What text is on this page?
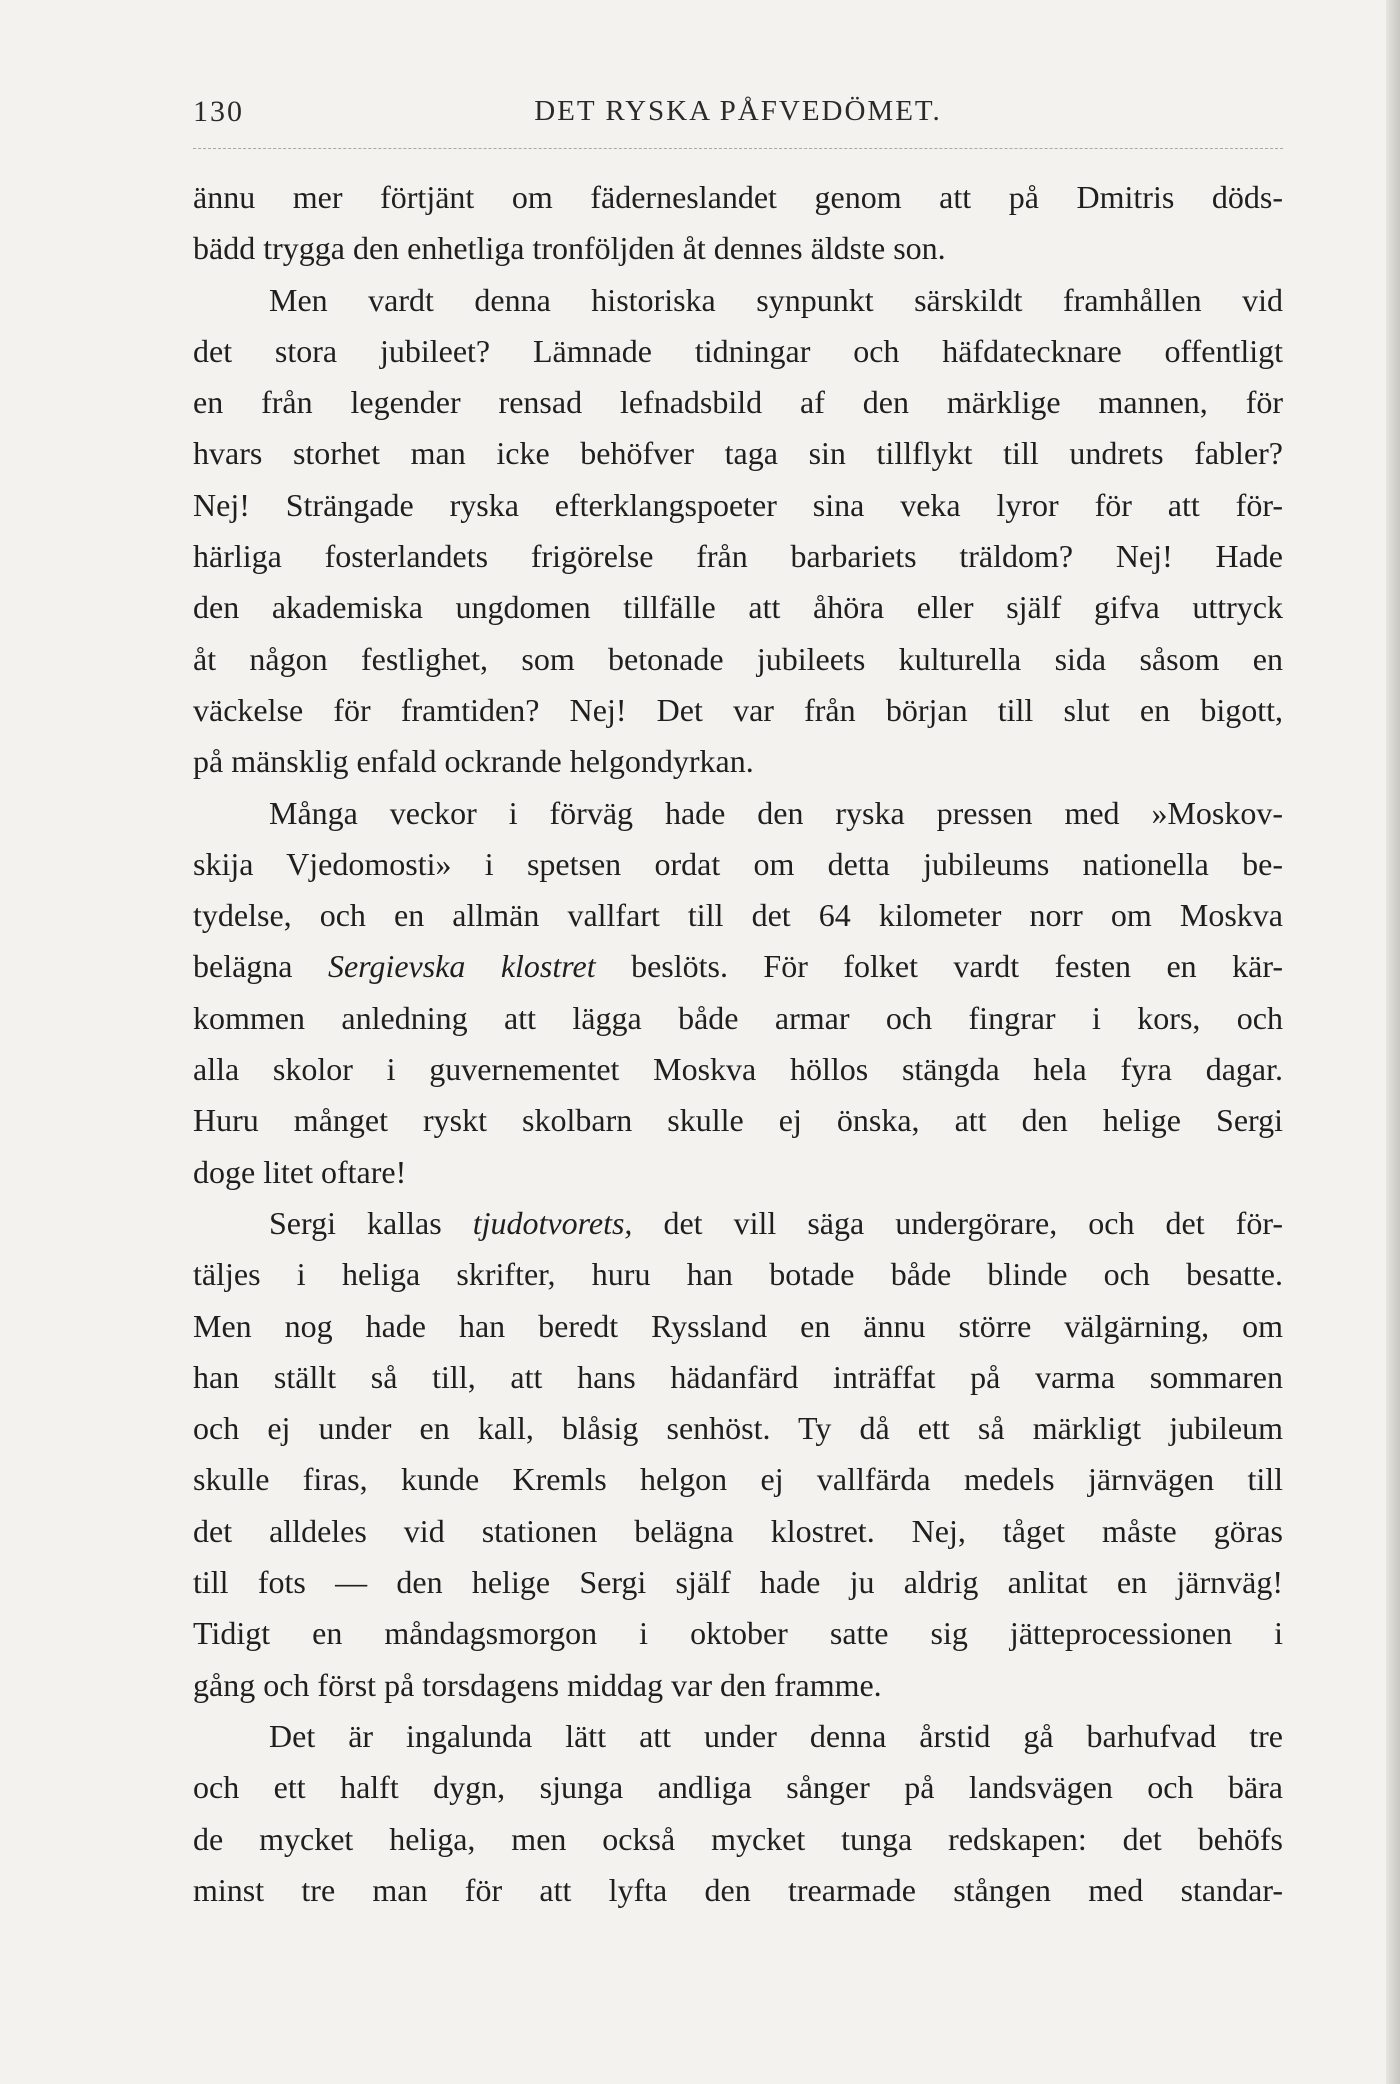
130	DET RYSKA PÅFVEDÖMET.
ännu mer förtjänt om fäderneslandet genom att på Dmitris döds-
bädd trygga den enhetliga tronföljden åt dennes äldste son.
Men vardt denna historiska synpunkt särskildt framhållen vid
det stora jubileet? Lämnade tidningar och häfdatecknare offentligt
en från legender rensad lefnadsbild af den märklige mannen, för
hvars storhet man icke behöfver taga sin tillflykt till undrets fabler?
Nej! Strängade ryska efterklangspoeter sina veka lyror för att för-
härliga fosterlandets frigörelse från barbariets träldom? Nej! Hade
den akademiska ungdomen tillfälle att åhöra eller själf gifva uttryck
åt någon festlighet, som betonade jubileets kulturella sida såsom en
väckelse för framtiden? Nej! Det var från början till slut en bigott,
på mänsklig enfald ockrande helgondyrkan.
Många veckor i förväg hade den ryska pressen med »Moskov-
skija Vjedomosti» i spetsen ordat om detta jubileums nationella be-
tydelse, och en allmän vallfart till det 64 kilometer norr om Moskva
belägna Sergievska klostret beslöts. För folket vardt festen en kär-
kommen anledning att lägga både armar och fingrar i kors, och
alla skolor i guvernementet Moskva höllos stängda hela fyra dagar.
Huru månget ryskt skolbarn skulle ej önska, att den helige Sergi
doge litet oftare!
Sergi kallas tjudotvorets, det vill säga undergörare, och det för-
täljes i heliga skrifter, huru han botade både blinde och besatte.
Men nog hade han beredt Ryssland en ännu större välgärning, om
han ställt så till, att hans hädanfärd inträffat på varma sommaren
och ej under en kall, blåsig senhöst. Ty då ett så märkligt jubileum
skulle firas, kunde Kremls helgon ej vallfärda medels järnvägen till
det alldeles vid stationen belägna klostret. Nej, tåget måste göras
till fots — den helige Sergi själf hade ju aldrig anlitat en järnväg!
Tidigt en måndagsmorgon i oktober satte sig jätteprocessionen i
gång och först på torsdagens middag var den framme.
Det är ingalunda lätt att under denna årstid gå barhufvad tre
och ett halft dygn, sjunga andliga sånger på landsvägen och bära
de mycket heliga, men också mycket tunga redskapen: det behöfs
minst tre man för att lyfta den trearmade stången med standar-
